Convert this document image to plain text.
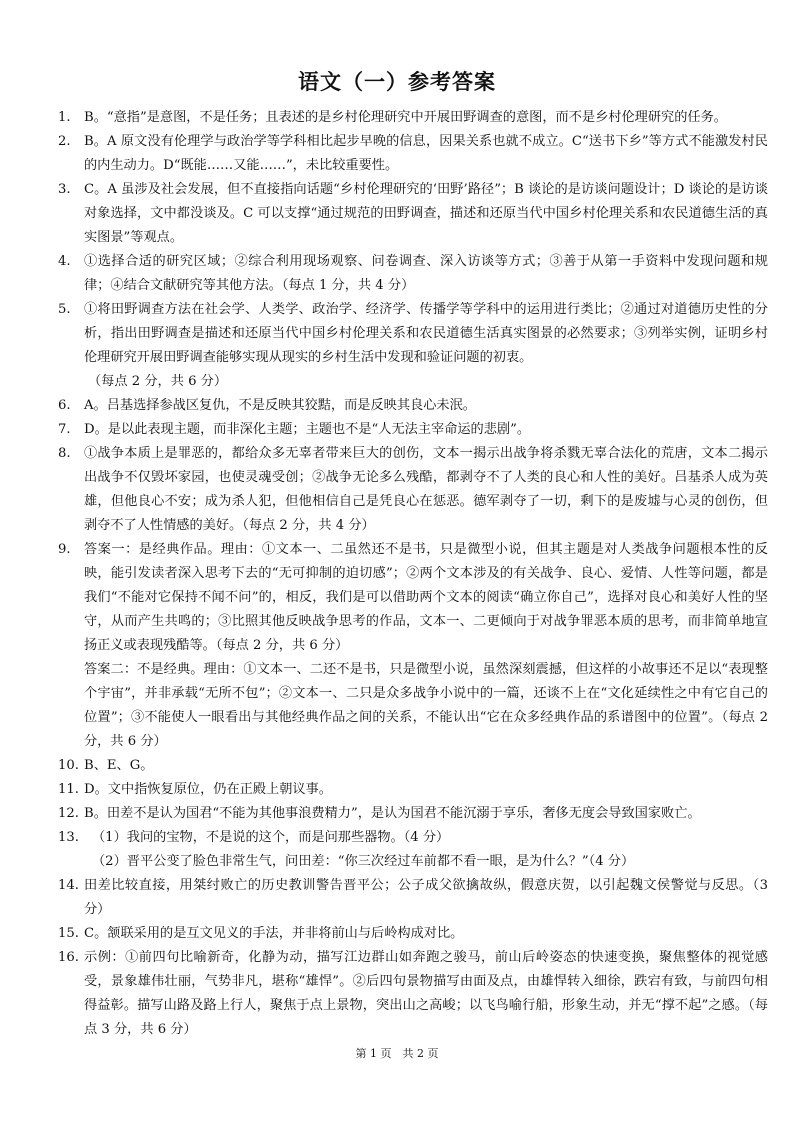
语文（一）参考答案
1.	B。“意指”是意图，不是任务；且表述的是乡村伦理研究中开展田野调查的意图，而不是乡村伦理研究的任务。
2.	B。A 原文没有伦理学与政治学等学科相比起步早晚的信息，因果关系也就不成立。C“送书下乡”等方式不能激发村民的内生动力。D“既能……又能……”，未比较重要性。
3.	C。A 虽涉及社会发展，但不直接指向话题“乡村伦理研究的‘田野’路径”；B 谈论的是访谈问题设计；D 谈论的是访谈对象选择，文中都没谈及。C 可以支撑“通过规范的田野调查，描述和还原当代中国乡村伦理关系和农民道德生活的真实图景”等观点。
4.	①选择合适的研究区域；②综合利用现场观察、问卷调查、深入访谈等方式；③善于从第一手资料中发现问题和规律；④结合文献研究等其他方法。（每点 1 分，共 4 分）
5.	①将田野调查方法在社会学、人类学、政治学、经济学、传播学等学科中的运用进行类比；②通过对道德历史性的分析，指出田野调查是描述和还原当代中国乡村伦理关系和农民道德生活真实图景的必然要求；③列举实例，证明乡村伦理研究开展田野调查能够实现从现实的乡村生活中发现和验证问题的初衷。
（每点 2 分，共 6 分）
6.	A。吕基选择参战区复仇，不是反映其狡黠，而是反映其良心未泯。
7.	D。是以此表现主题，而非深化主题；主题也不是“人无法主宰命运的悲剧”。
8.	①战争本质上是罪恶的，都给众多无辜者带来巨大的创伤，文本一揭示出战争将杀戮无辜合法化的荒唐，文本二揭示出战争不仅毁坏家园，也使灵魂受创；②战争无论多么残酷，都剥夺不了人类的良心和人性的美好。吕基杀人成为英雄，但他良心不安；成为杀人犯，但他相信自己是凭良心在惩恶。德军剥夺了一切，剩下的是废墟与心灵的创伤，但剥夺不了人性情感的美好。（每点 2 分，共 4 分）
9.	答案一：是经典作品。理由：①文本一、二虽然还不是书，只是微型小说，但其主题是对人类战争问题根本性的反映，能引发读者深入思考下去的“无可抑制的迫切感”；②两个文本涉及的有关战争、良心、爱情、人性等问题，都是我们“不能对它保持不闻不问”的，相反，我们是可以借助两个文本的阅读“确立你自己”，选择对良心和美好人性的坚守，从而产生共鸣的；③比照其他反映战争思考的作品，文本一、二更倾向于对战争罪恶本质的思考，而非简单地宣扬正义或表现残酷等。（每点 2 分，共 6 分）
答案二：不是经典。理由：①文本一、二还不是书，只是微型小说，虽然深刻震撼，但这样的小故事还不足以“表现整个宇宙”，并非承载“无所不包”；②文本一、二只是众多战争小说中的一篇，还谈不上在“文化延续性之中有它自己的位置”；③不能使人一眼看出与其他经典作品之间的关系，不能认出“它在众多经典作品的系谱图中的位置”。（每点 2 分，共 6 分）
10. B、E、G。
11. D。文中指恢复原位，仍在正殿上朝议事。
12. B。田差不是认为国君“不能为其他事浪费精力”，是认为国君不能沉溺于享乐，奢侈无度会导致国家败亡。
13. （1）我问的宝物，不是说的这个，而是问那些器物。（4 分）
（2）晋平公变了脸色非常生气，问田差：“你三次经过车前都不看一眼，是为什么？”（4 分）
14. 田差比较直接，用桀纣败亡的历史教训警告晋平公；公子成父欲擒故纵，假意庆贺，以引起魏文侯警觉与反思。（3 分）
15. C。颔联采用的是互文见义的手法，并非将前山与后岭构成对比。
16. 示例：①前四句比喻新奇，化静为动，描写江边群山如奔跑之骏马，前山后岭姿态的快速变换，聚焦整体的视觉感受，景象雄伟壮丽，气势非凡，堪称“雄悍”。②后四句景物描写由面及点，由雄悍转入细徐，跌宕有致，与前四句相得益彰。描写山路及路上行人，聚焦于点上景物，突出山之高峻；以飞鸟喻行船，形象生动，并无“撑不起”之感。（每点 3 分，共 6 分）
第 1 页　共 2 页
